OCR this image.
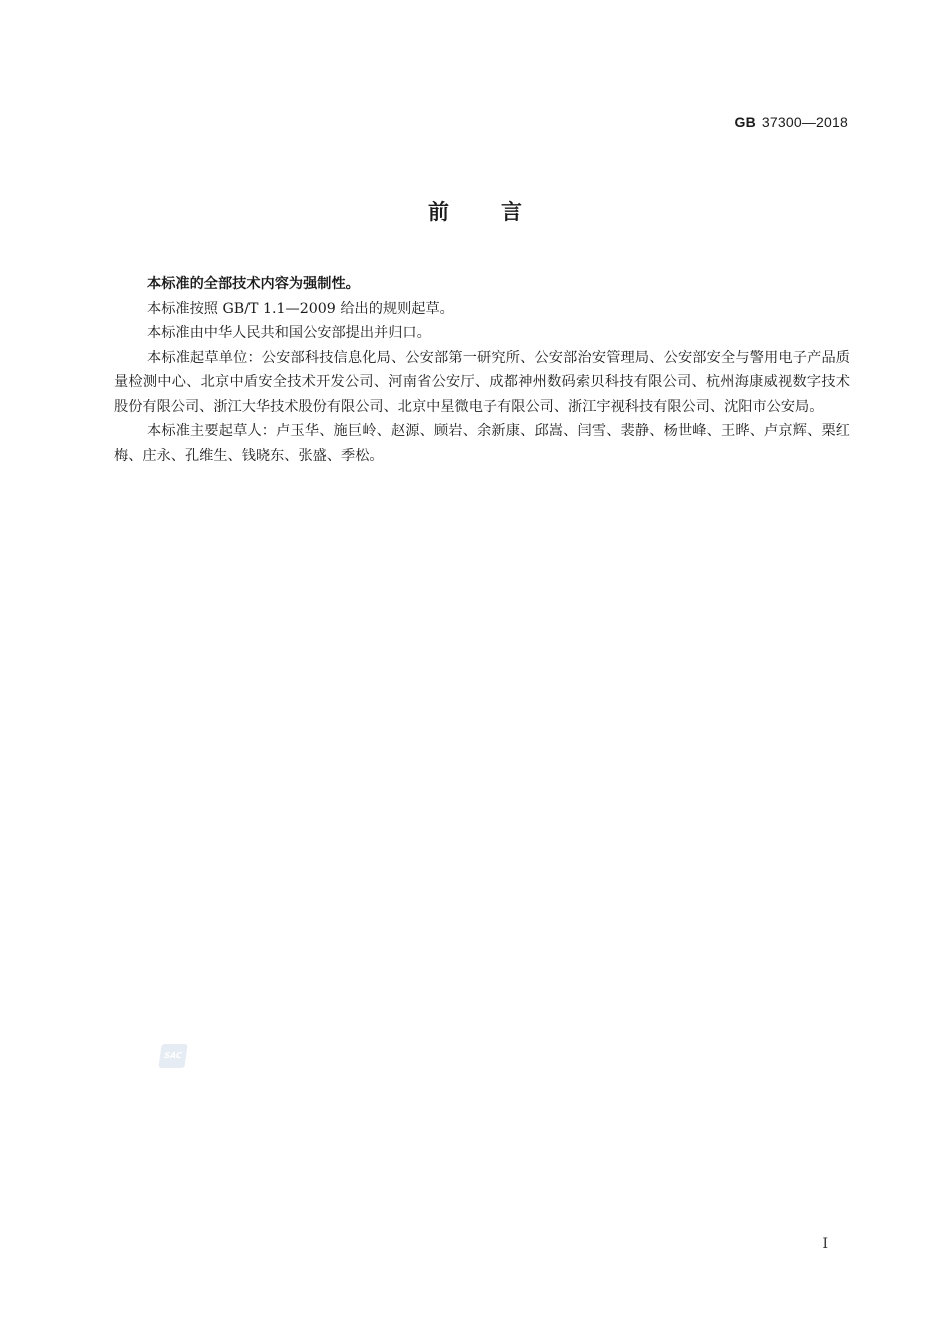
GB 37300—2018
前言

本标准的全部技术内容为强制性。

本标准按照 GB/T 1.1—2009 给出的规则起草。

本标准由中华人民共和国公安部提出并归口。

本标准起草单位：公安部科技信息化局、公安部第一研究所、公安部治安管理局、公安部安全与警用电子产品质量检测中心、北京中盾安全技术开发公司、河南省公安厅、成都神州数码索贝科技有限公司、杭州海康威视数字技术股份有限公司、浙江大华技术股份有限公司、北京中星微电子有限公司、浙江宇视科技有限公司、沈阳市公安局。

本标准主要起草人：卢玉华、施巨岭、赵源、顾岩、余新康、邱嵩、闫雪、裴静、杨世峰、王晔、卢京辉、栗红梅、庄永、孔维生、钱晓东、张盛、季松。

SAC
I
